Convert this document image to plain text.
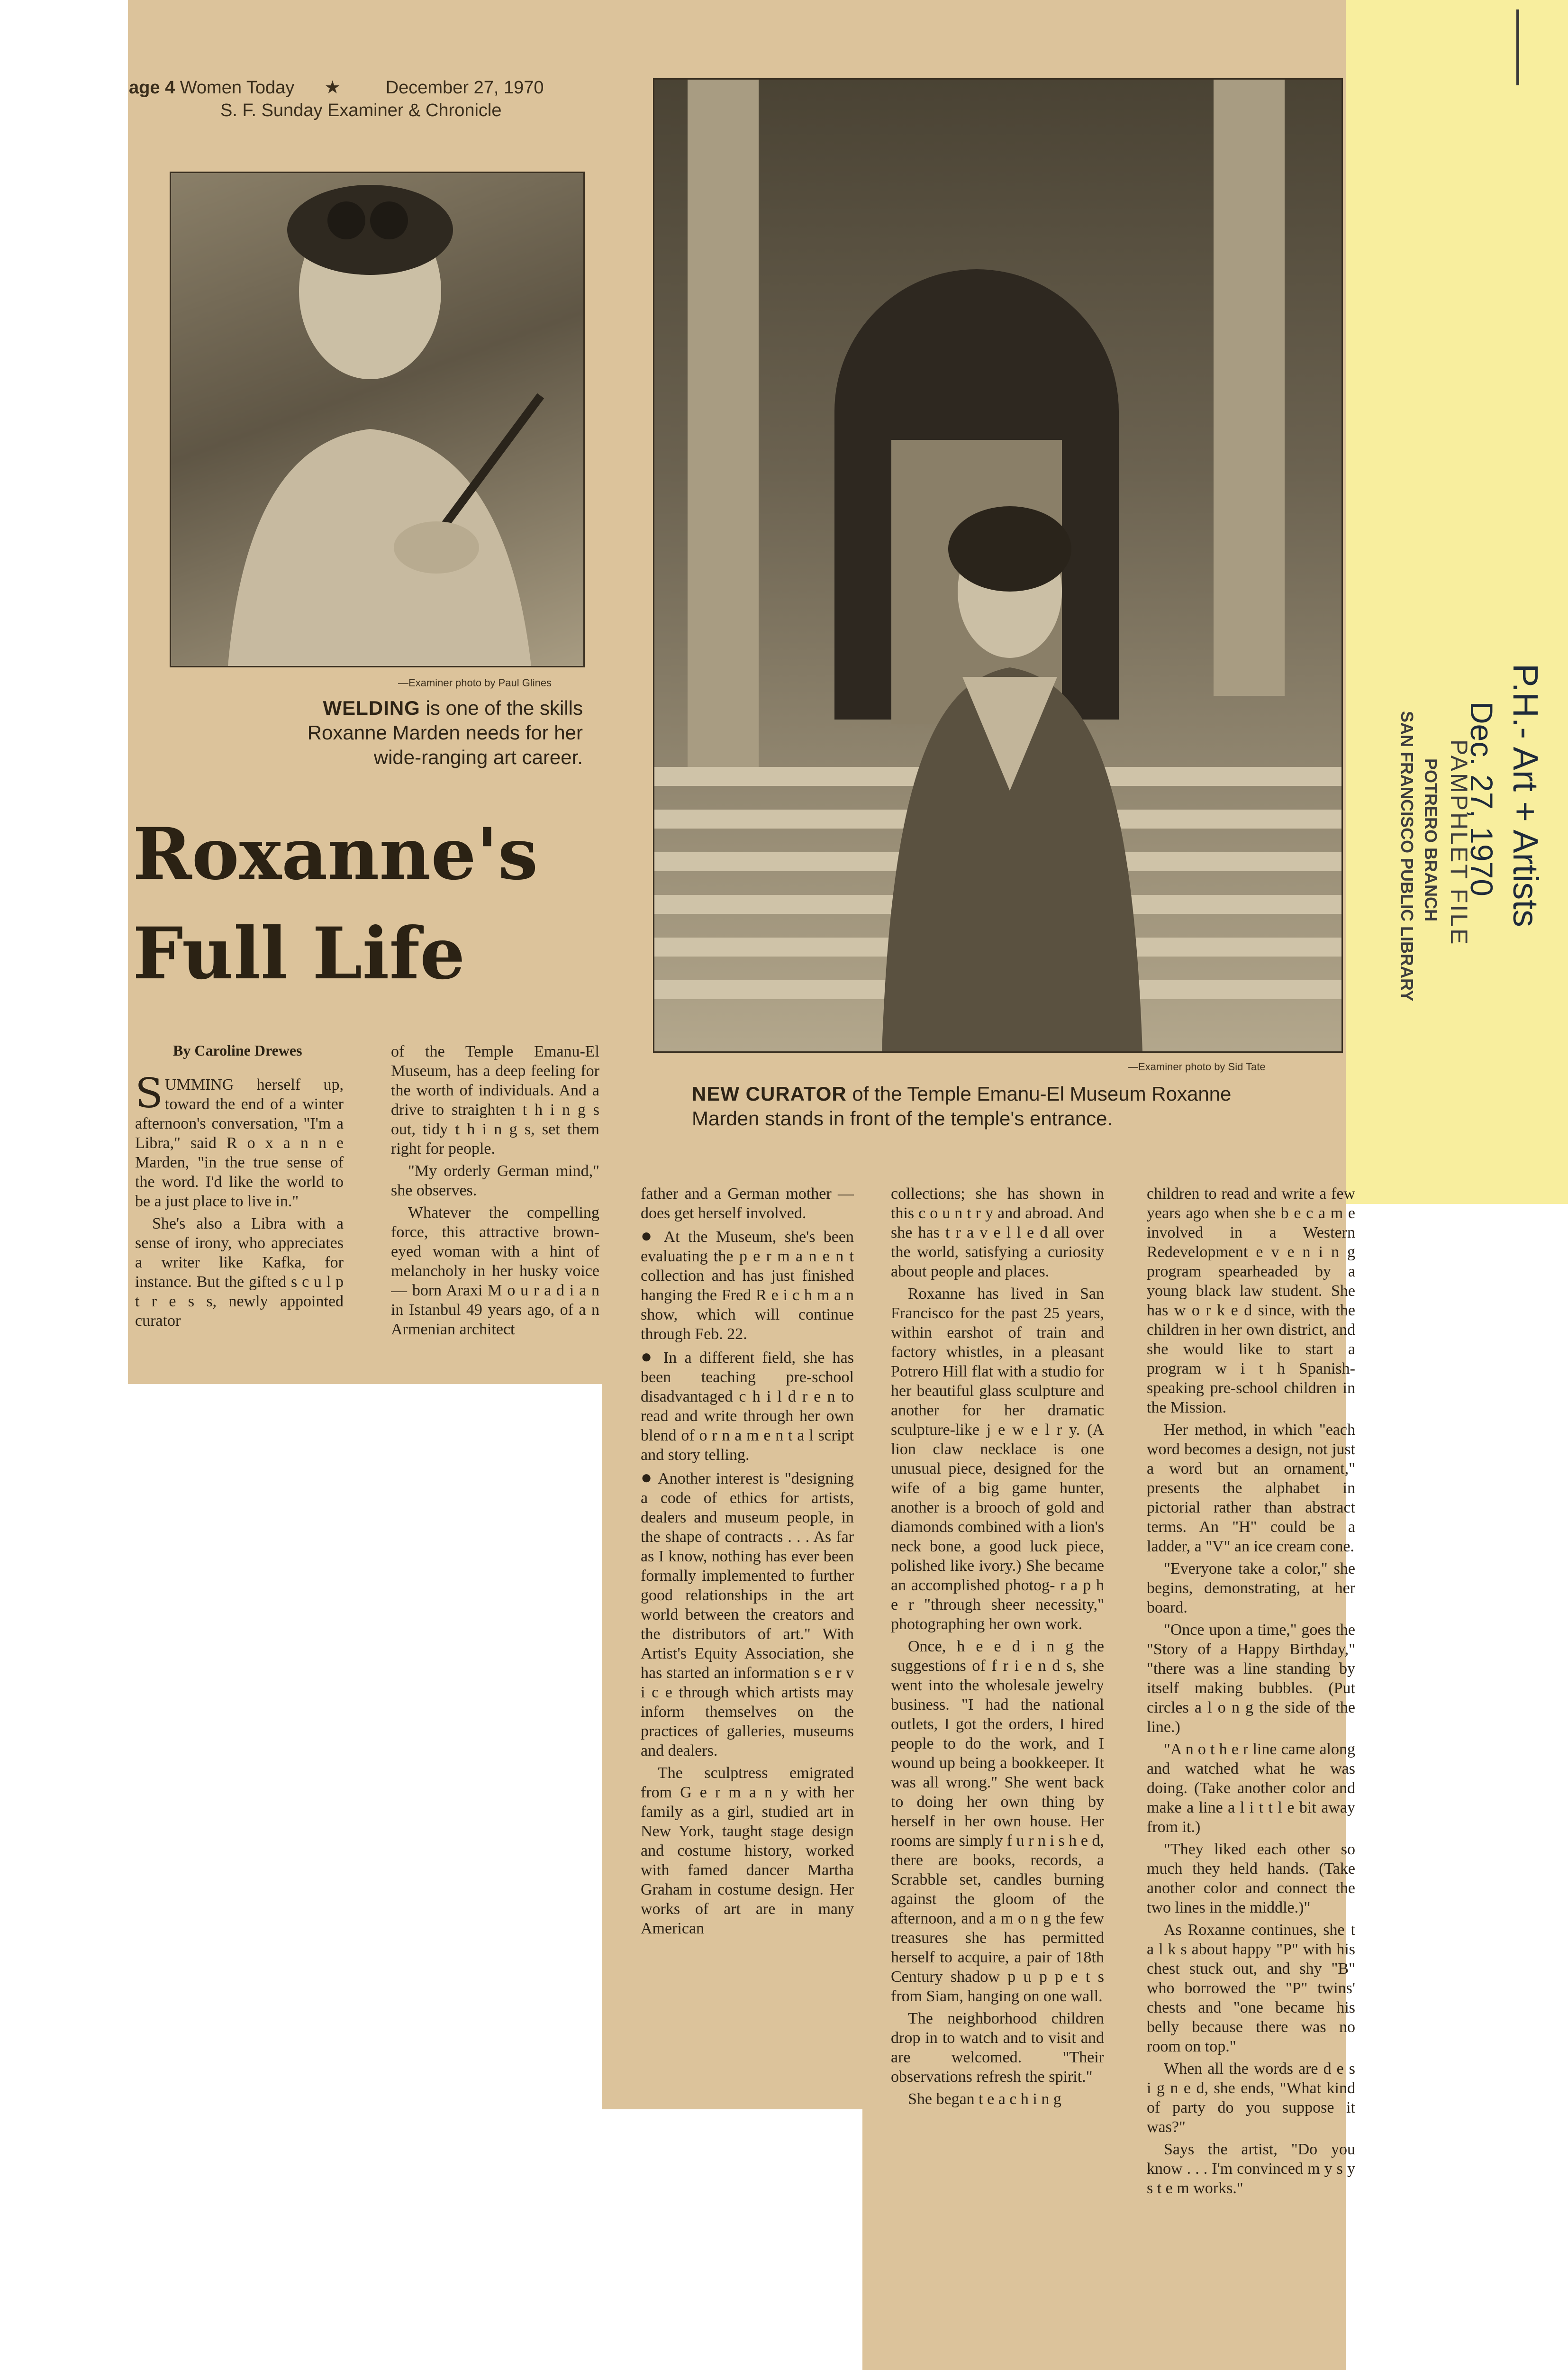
age 4 Women Today ★	December 27, 1970
S. F. Sunday Examiner & Chronicle
—Examiner photo by Paul Glines
WELDING is one of the skills Roxanne Marden needs for her wide-ranging art career.
—Examiner photo by Sid Tate
NEW CURATOR of the Temple Emanu-El Museum Roxanne Marden stands in front of the temple's entrance.
Roxanne's
Full Life
By Caroline Drewes

SUMMING herself up, toward the end of a winter afternoon's conversation, "I'm a Libra," said R o x a n n e Marden, "in the true sense of the word. I'd like the world to be a just place to live in."

She's also a Libra with a sense of irony, who appreciates a writer like Kafka, for instance. But the gifted s c u l p t r e s s, newly appointed curator

of the Temple Emanu-El Museum, has a deep feeling for the worth of individuals. And a drive to straighten t h i n g s out, tidy t h i n g s, set them right for people.

"My orderly German mind," she observes.

Whatever the compelling force, this attractive brown-eyed woman with a hint of melancholy in her husky voice — born Araxi M o u r a d i a n in Istanbul 49 years ago, of a n Armenian architect

father and a German mother — does get herself involved.

● At the Museum, she's been evaluating the p e r m a n e n t collection and has just finished hanging the Fred R e i c h m a n show, which will continue through Feb. 22.

● In a different field, she has been teaching pre-school disadvantaged c h i l d r e n to read and write through her own blend of o r n a m e n t a l script and story telling.

● Another interest is "designing a code of ethics for artists, dealers and museum people, in the shape of contracts . . . As far as I know, nothing has ever been formally implemented to further good relationships in the art world between the creators and the distributors of art." With Artist's Equity Association, she has started an information s e r v i c e through which artists may inform themselves on the practices of galleries, museums and dealers.

The sculptress emigrated from G e r m a n y with her family as a girl, studied art in New York, taught stage design and costume history, worked with famed dancer Martha Graham in costume design. Her works of art are in many American

collections; she has shown in this c o u n t r y and abroad. And she has t r a v e l l e d all over the world, satisfying a curiosity about people and places.

Roxanne has lived in San Francisco for the past 25 years, within earshot of train and factory whistles, in a pleasant Potrero Hill flat with a studio for her beautiful glass sculpture and another for her dramatic sculpture-like j e w e l r y. (A lion claw necklace is one unusual piece, designed for the wife of a big game hunter, another is a brooch of gold and diamonds combined with a lion's neck bone, a good luck piece, polished like ivory.) She became an accomplished photog- r a p h e r "through sheer necessity," photographing her own work.

Once, h e e d i n g the suggestions of f r i e n d s, she went into the wholesale jewelry business. "I had the national outlets, I got the orders, I hired people to do the work, and I wound up being a bookkeeper. It was all wrong." She went back to doing her own thing by herself in her own house. Her rooms are simply f u r n i s h e d, there are books, records, a Scrabble set, candles burning against the gloom of the afternoon, and a m o n g the few treasures she has permitted herself to acquire, a pair of 18th Century shadow p u p p e t s from Siam, hanging on one wall.

The neighborhood children drop in to watch and to visit and are welcomed. "Their observations refresh the spirit."

She began t e a c h i n g

children to read and write a few years ago when she b e c a m e involved in a Western Redevelopment e v e n i n g program spearheaded by a young black law student. She has w o r k e d since, with the children in her own district, and she would like to start a program w i t h Spanish-speaking pre-school children in the Mission.

Her method, in which "each word becomes a design, not just a word but an ornament," presents the alphabet in pictorial rather than abstract terms. An "H" could be a ladder, a "V" an ice cream cone.

"Everyone take a color," she begins, demonstrating, at her board.

"Once upon a time," goes the "Story of a Happy Birthday," "there was a line standing by itself making bubbles. (Put circles a l o n g the side of the line.)

"A n o t h e r line came along and watched what he was doing. (Take another color and make a line a l i t t l e bit away from it.)

"They liked each other so much they held hands. (Take another color and connect the two lines in the middle.)"

As Roxanne continues, she t a l k s about happy "P" with his chest stuck out, and shy "B" who borrowed the "P" twins' chests and "one became his belly because there was no room on top."

When all the words are d e s i g n e d, she ends, "What kind of party do you suppose it was?"

Says the artist, "Do you know . . . I'm convinced m y s y s t e m works."

P.H.- Art + Artists
Dec. 27, 1970
PAMPHLET FILE
POTRERO BRANCH
SAN FRANCISCO PUBLIC LIBRARY
